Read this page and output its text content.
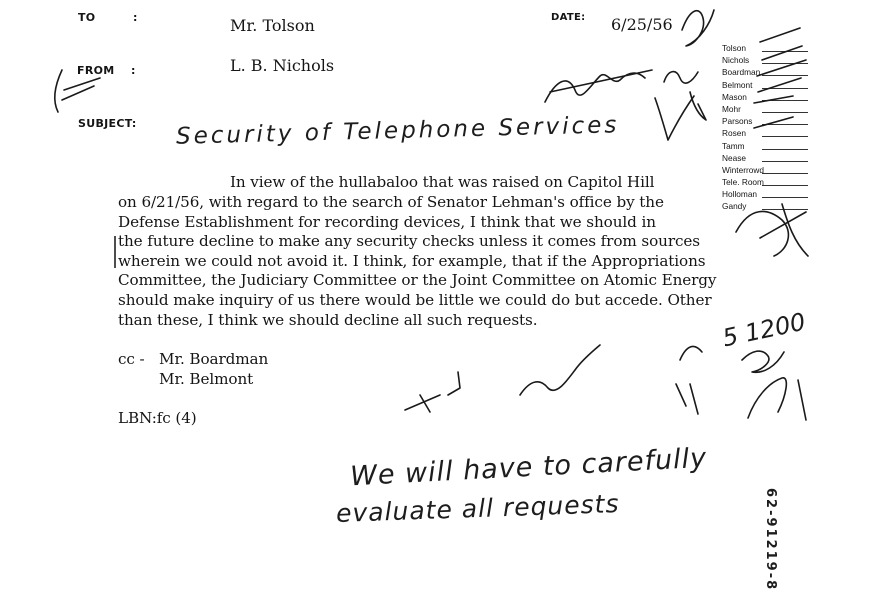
TO	:	Mr. Tolson	DATE: 6/25/56
FROM :	L. B. Nichols
SUBJECT: Security of Telephone Services
Tolson
Nichols
Boardman
Belmont
Mason
Mohr
Parsons
Rosen
Tamm
Nease
Winterrowd
Tele. Room
Holloman
Gandy
In view of the hullabaloo that was raised on Capitol Hill
on 6/21/56, with regard to the search of Senator Lehman's office by the
Defense Establishment for recording devices, I think that we should in
the future decline to make any security checks unless it comes from sources
wherein we could not avoid it. I think, for example, that if the Appropriations
Committee, the Judiciary Committee or the Joint Committee on Atomic Energy
should make inquiry of us there would be little we could do but accede. Other
than these, I think we should decline all such requests.
cc - Mr. Boardman
Mr. Belmont
LBN:fc (4)
We will have to carefully
evaluate all requests
5 1200
62-91219-8
